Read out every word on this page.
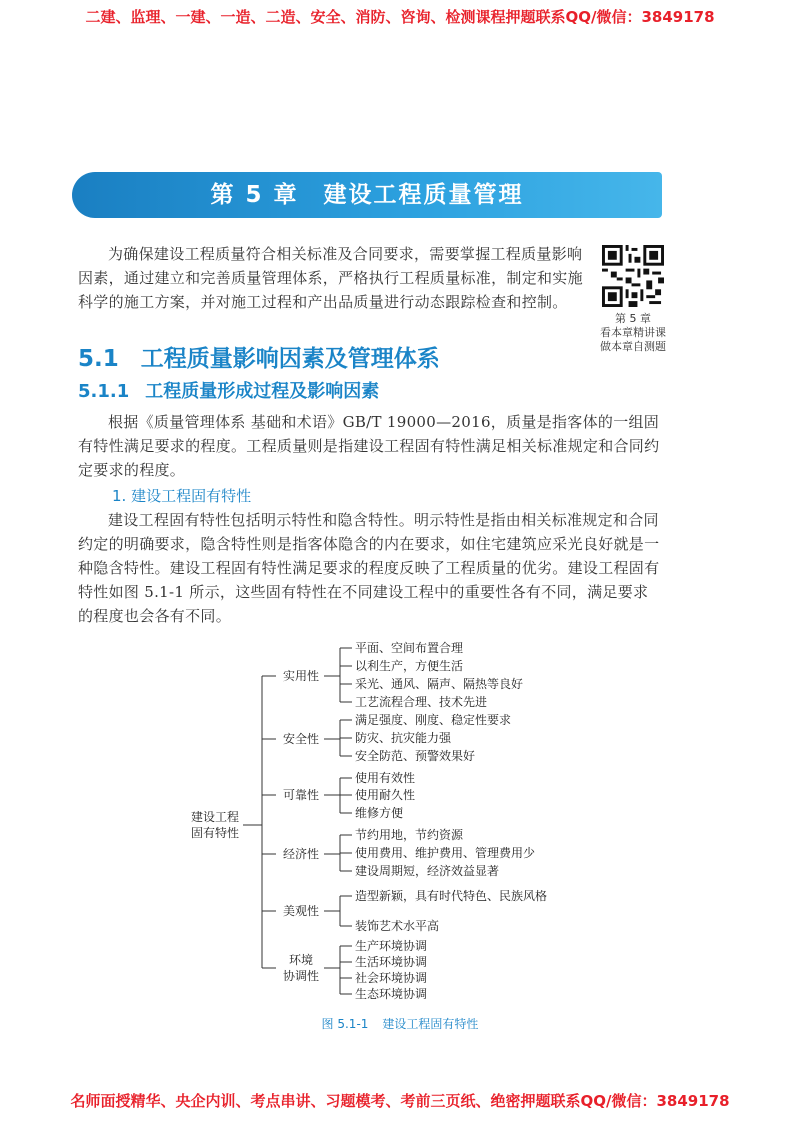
二建、监理、一建、一造、二造、安全、消防、咨询、检测课程押题联系QQ/微信：3849178
第 5 章　建设工程质量管理
为确保建设工程质量符合相关标准及合同要求，需要掌握工程质量影响因素，通过建立和完善质量管理体系，严格执行工程质量标准，制定和实施科学的施工方案，并对施工过程和产出品质量进行动态跟踪检查和控制。
第 5 章
看本章精讲课
做本章自测题
5.1 工程质量影响因素及管理体系
5.1.1 工程质量形成过程及影响因素
根据《质量管理体系 基础和术语》GB/T 19000—2016，质量是指客体的一组固有特性满足要求的程度。工程质量则是指建设工程固有特性满足相关标准规定和合同约定要求的程度。
1. 建设工程固有特性
建设工程固有特性包括明示特性和隐含特性。明示特性是指由相关标准规定和合同约定的明确要求，隐含特性则是指客体隐含的内在要求，如住宅建筑应采光良好就是一种隐含特性。建设工程固有特性满足要求的程度反映了工程质量的优劣。建设工程固有特性如图 5.1-1 所示，这些固有特性在不同建设工程中的重要性各有不同，满足要求的程度也会各有不同。
建设工程
固有特性
实用性
安全性
可靠性
经济性
美观性
环境
协调性
平面、空间布置合理
以利生产，方便生活
采光、通风、隔声、隔热等良好
工艺流程合理、技术先进
满足强度、刚度、稳定性要求
防灾、抗灾能力强
安全防范、预警效果好
使用有效性
使用耐久性
维修方便
节约用地，节约资源
使用费用、维护费用、管理费用少
建设周期短，经济效益显著
造型新颖，具有时代特色、民族风格
装饰艺术水平高
生产环境协调
生活环境协调
社会环境协调
生态环境协调
图 5.1-1 建设工程固有特性
名师面授精华、央企内训、考点串讲、习题模考、考前三页纸、绝密押题联系QQ/微信：3849178
